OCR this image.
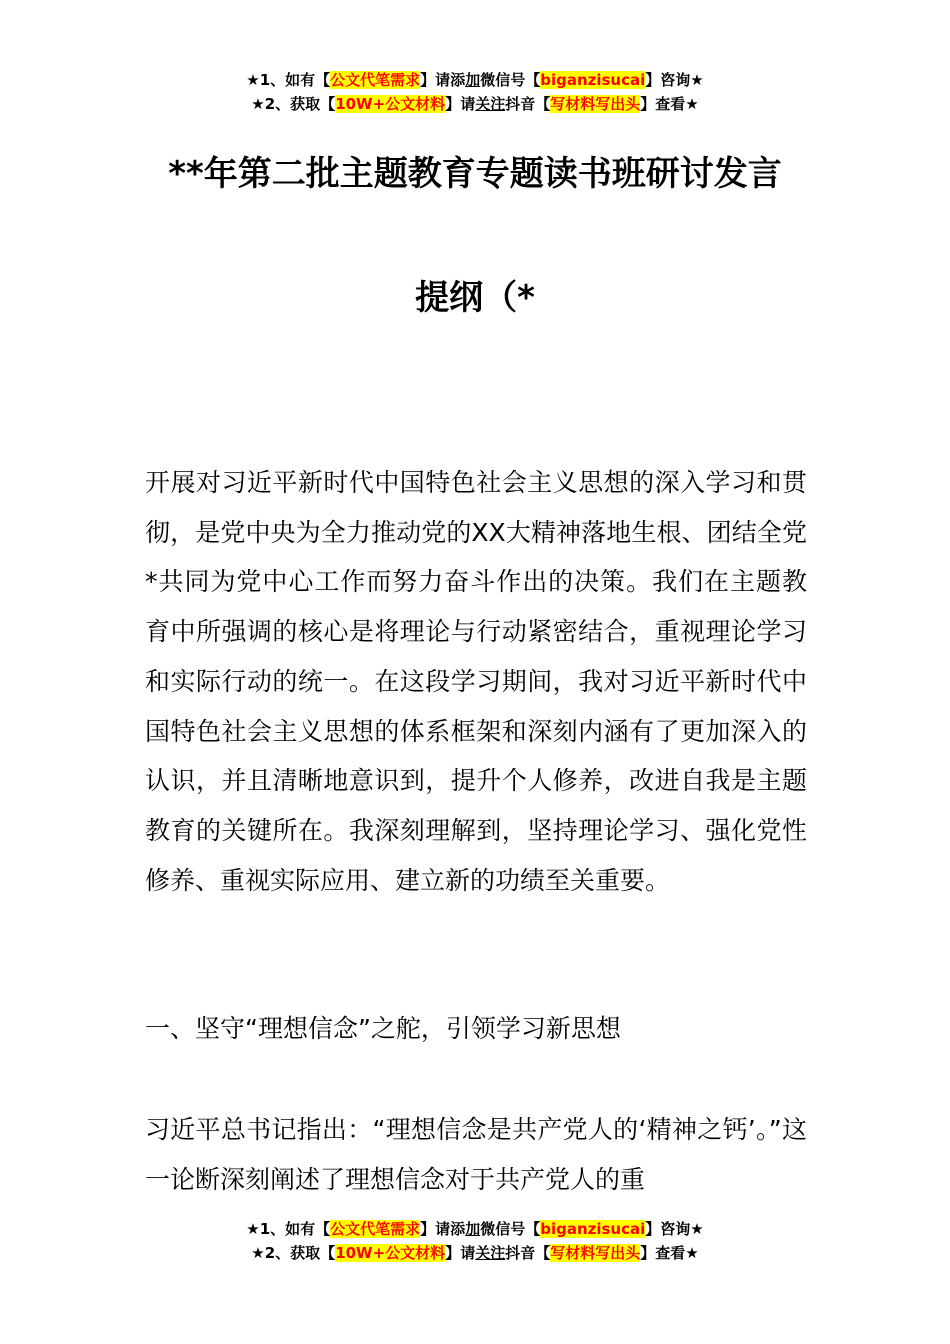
★1、如有【公文代笔需求】请添加微信号【biganzisucai】咨询★
★2、获取【10W+公文材料】请关注抖音【写材料写出头】查看★
**年第二批主题教育专题读书班研讨发言
提纲（*
开展对习近平新时代中国特色社会主义思想的深入学习和贯彻，是党中央为全力推动党的XX大精神落地生根、团结全党*共同为党中心工作而努力奋斗作出的决策。我们在主题教育中所强调的核心是将理论与行动紧密结合，重视理论学习和实际行动的统一。在这段学习期间，我对习近平新时代中国特色社会主义思想的体系框架和深刻内涵有了更加深入的认识，并且清晰地意识到，提升个人修养，改进自我是主题教育的关键所在。我深刻理解到，坚持理论学习、强化党性修养、重视实际应用、建立新的功绩至关重要。
一、坚守“理想信念”之舵，引领学习新思想
习近平总书记指出：“理想信念是共产党人的‘精神之钙’。”这一论断深刻阐述了理想信念对于共产党人的重
★1、如有【公文代笔需求】请添加微信号【biganzisucai】咨询★
★2、获取【10W+公文材料】请关注抖音【写材料写出头】查看★
